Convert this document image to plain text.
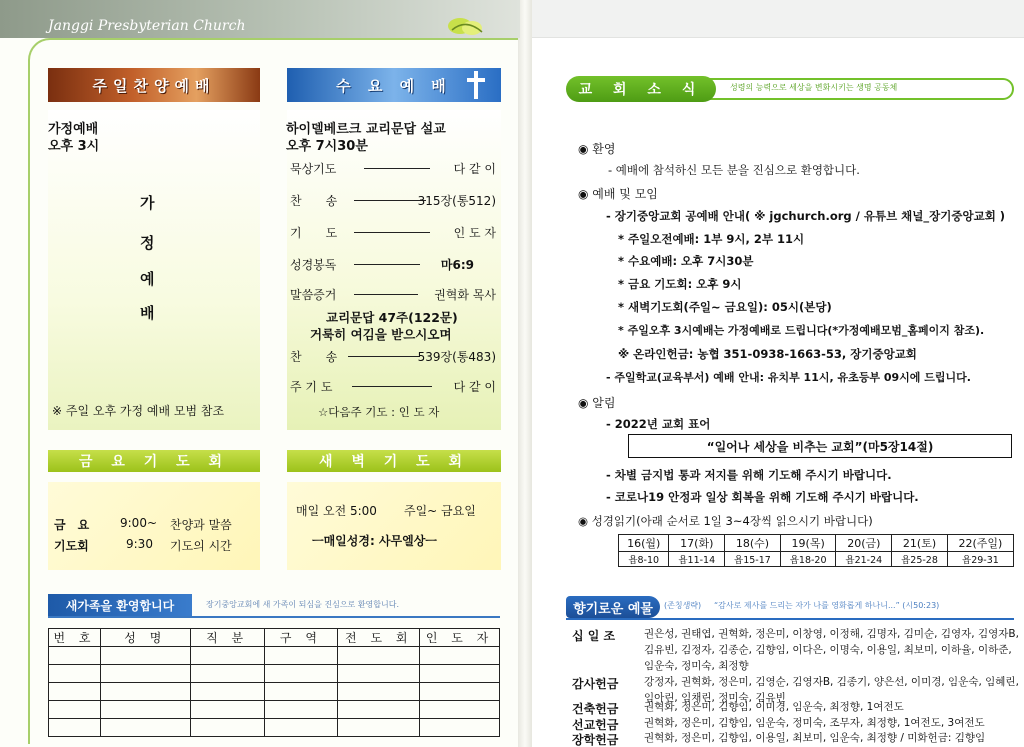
Janggi Presbyterian Church
주일찬양예배	수 요 예 배
가정예배
오후 3시
가
정
예
배
※ 주일 오후 가정 예배 모범 참조
하이델베르크 교리문답 설교
오후 7시30분
묵상기도	다 같 이
찬　　송	315장(통512)
기　　도	인 도 자
성경봉독	마6:9
말씀증거	권혁화 목사
교리문답 47주(122문)
거룩히 여김을 받으시오며
찬　　송	539장(통483)
주 기 도	다 같 이
☆다음주 기도 : 인 도 자
금 요 기 도 회	새 벽 기 도 회
금　요	9:00~ 찬양과 말씀
기도회	9:30 기도의 시간
매일 오전 5:00 주일~ 금요일
ㅡ매일성경: 사무엘상ㅡ
새가족을 환영합니다	장기중앙교회에 새 가족이 되심을 진심으로 환영합니다.
번 호	성 명	직 분	구 역	전 도 회	인 도 자

교 회 소 식	성령의 능력으로 세상을 변화시키는 생명 공동체
◉ 환영
- 예배에 참석하신 모든 분을 진심으로 환영합니다.
◉ 예배 및 모임
- 장기중앙교회 공예배 안내( ※ jgchurch.org / 유튜브 채널_장기중앙교회 )
* 주일오전예배: 1부 9시, 2부 11시
* 수요예배: 오후 7시30분
* 금요 기도회: 오후 9시
* 새벽기도회(주일~ 금요일): 05시(본당)
* 주일오후 3시예배는 가정예배로 드립니다(*가정예배모범_홈페이지 참조).
※ 온라인헌금: 농협 351-0938-1663-53, 장기중앙교회
- 주일학교(교육부서) 예배 안내: 유치부 11시, 유초등부 09시에 드립니다.
◉ 알림
- 2022년 교회 표어
“일어나 세상을 비추는 교회”(마5장14절)
- 차별 금지법 통과 저지를 위해 기도해 주시기 바랍니다.
- 코로나19 안정과 일상 회복을 위해 기도해 주시기 바랍니다.
◉ 성경읽기(아래 순서로 1일 3~4장씩 읽으시기 바랍니다)
16(월)	17(화)	18(수)	19(목)	20(금)	21(토)	22(주일)
욥8-10	욥11-14	욥15-17	욥18-20	욥21-24	욥25-28	욥29-31
향기로운 예물 (존칭생략) “감사로 제사를 드리는 자가 나를 영화롭게 하나니...” (시50:23)
십 일 조	권은성, 권태엽, 권혁화, 정은미, 이창영, 이정해, 김명자, 김미순, 김영자, 김영자B,
김유빈, 김정자, 김종순, 김향임, 이다은, 이명숙, 이용일, 최보미, 이하율, 이하준,
임운숙, 정미숙, 최정향
감사헌금 강정자, 권혁화, 정은미, 김영순, 김영자B, 김종기, 양은선, 이미경, 임운숙, 임혜린,
임아린, 임채린, 정미숙, 김유빈
건축헌금 권혁화, 정은미, 김향임, 이미경, 임운숙, 최정향, 1여전도
선교헌금 권혁화, 정은미, 김향임, 임운숙, 정미숙, 조무자, 최정향, 1여전도, 3여전도
장학헌금 권혁화, 정은미, 김향임, 이용일, 최보미, 임운숙, 최정향 / 미화헌금: 김향임
